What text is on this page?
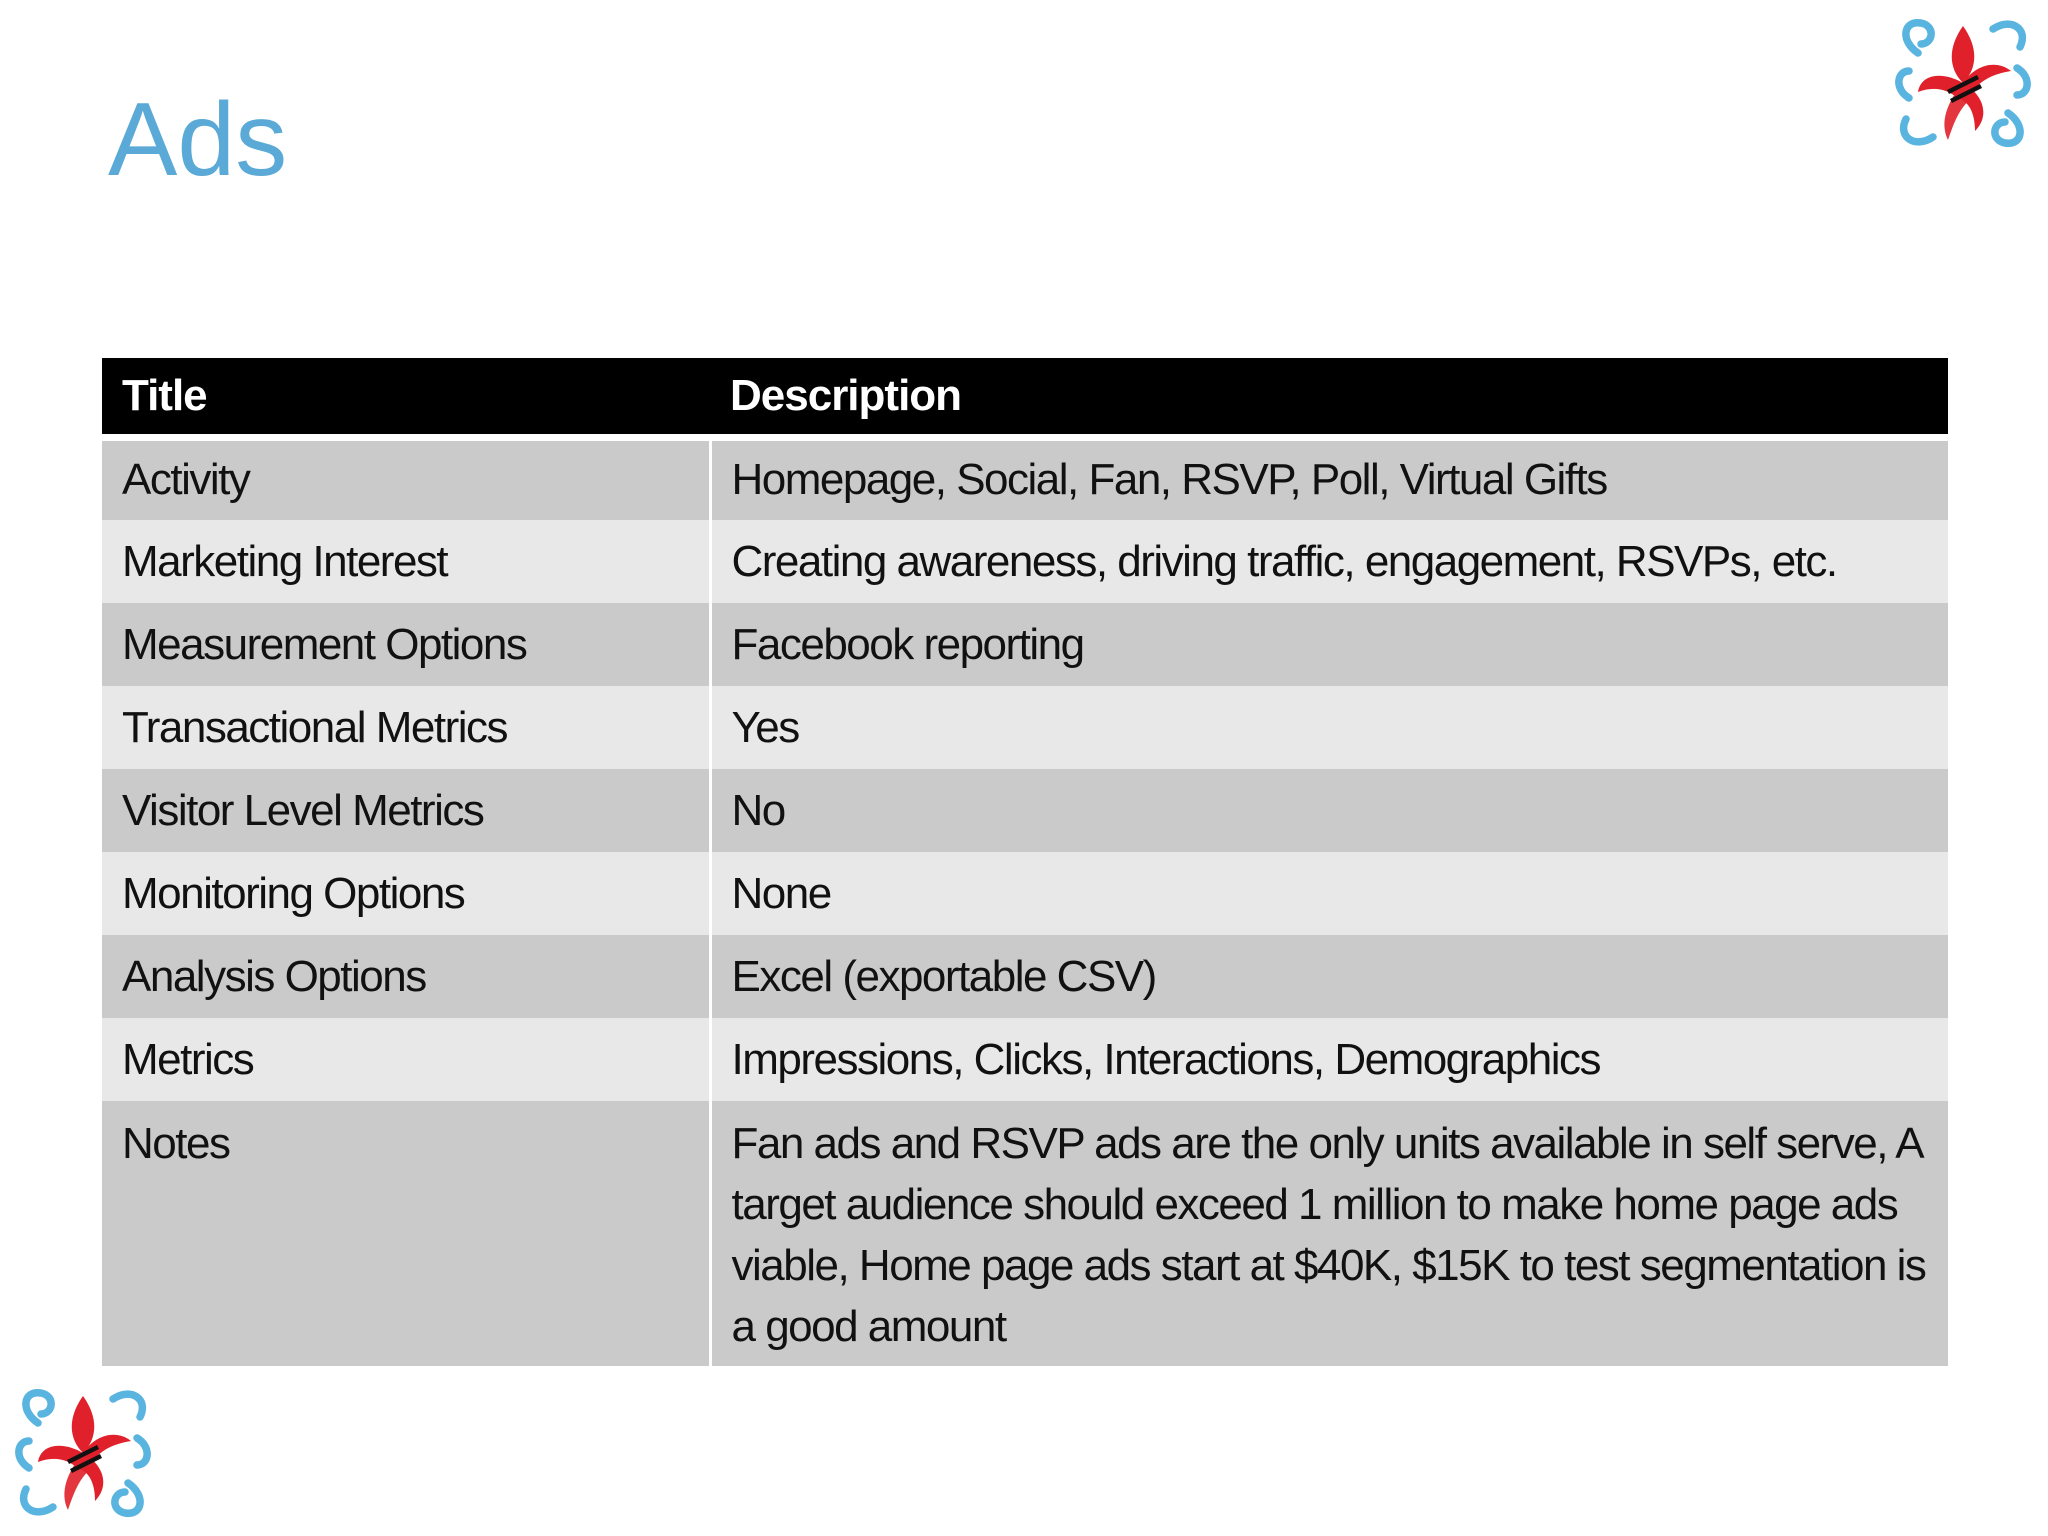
Ads
Title	Description
Activity	Homepage, Social, Fan, RSVP, Poll, Virtual Gifts
Marketing Interest	Creating awareness, driving traffic, engagement, RSVPs, etc.
Measurement Options	Facebook reporting
Transactional Metrics	Yes
Visitor Level Metrics	No
Monitoring Options	None
Analysis Options	Excel (exportable CSV)
Metrics	Impressions, Clicks, Interactions, Demographics
Notes	Fan ads and RSVP ads are the only units available in self serve, A target audience should exceed 1 million to make home page ads viable, Home page ads start at $40K, $15K to test segmentation is a good amount
